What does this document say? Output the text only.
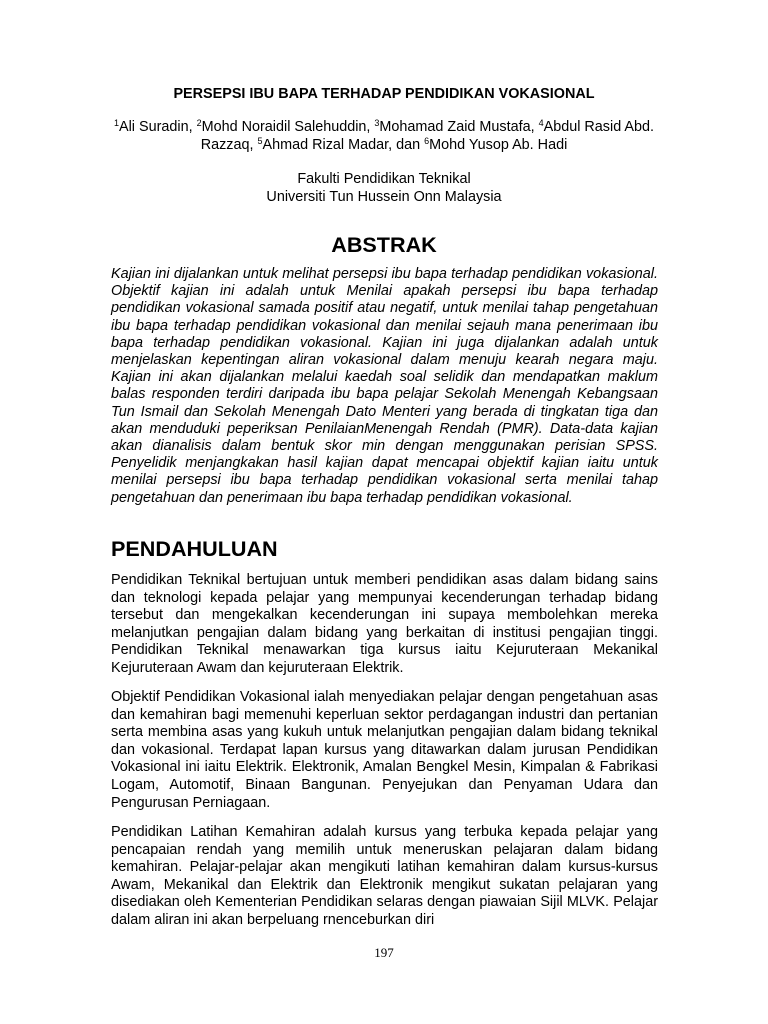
PERSEPSI IBU BAPA TERHADAP PENDIDIKAN VOKASIONAL

$^1$Ali Suradin, $^2$Mohd Noraidil Salehuddin, $^3$Mohamad Zaid Mustafa, $^4$Abdul Rasid Abd. Razzaq, $^5$Ahmad Rizal Madar, dan $^6$Mohd Yusop Ab. Hadi

Fakulti Pendidikan Teknikal
Universiti Tun Hussein Onn Malaysia
ABSTRAK

Kajian ini dijalankan untuk melihat persepsi ibu bapa terhadap pendidikan vokasional. Objektif kajian ini adalah untuk Menilai apakah persepsi ibu bapa terhadap pendidikan vokasional samada positif atau negatif, untuk menilai tahap pengetahuan ibu bapa terhadap pendidikan vokasional dan menilai sejauh mana penerimaan ibu bapa terhadap pendidikan vokasional. Kajian ini juga dijalankan adalah untuk menjelaskan kepentingan aliran vokasional dalam menuju kearah negara maju. Kajian ini akan dijalankan melalui kaedah soal selidik dan mendapatkan maklum balas responden terdiri daripada ibu bapa pelajar Sekolah Menengah Kebangsaan Tun Ismail dan Sekolah Menengah Dato Menteri yang berada di tingkatan tiga dan akan menduduki peperiksan PenilaianMenengah Rendah (PMR). Data-data kajian akan dianalisis dalam bentuk skor min dengan menggunakan perisian SPSS. Penyelidik menjangkakan hasil kajian dapat mencapai objektif kajian iaitu untuk menilai persepsi ibu bapa terhadap pendidikan vokasional serta menilai tahap pengetahuan dan penerimaan ibu bapa terhadap pendidikan vokasional.

PENDAHULUAN

Pendidikan Teknikal bertujuan untuk memberi pendidikan asas dalam bidang sains dan teknologi kepada pelajar yang mempunyai kecenderungan terhadap bidang tersebut dan mengekalkan kecenderungan ini supaya membolehkan mereka melanjutkan pengajian dalam bidang yang berkaitan di institusi pengajian tinggi. Pendidikan Teknikal menawarkan tiga kursus iaitu Kejuruteraan Mekanikal Kejuruteraan Awam dan kejuruteraan Elektrik.

Objektif Pendidikan Vokasional ialah menyediakan pelajar dengan pengetahuan asas dan kemahiran bagi memenuhi keperluan sektor perdagangan industri dan pertanian serta membina asas yang kukuh untuk melanjutkan pengajian dalam bidang teknikal dan vokasional. Terdapat lapan kursus yang ditawarkan dalam jurusan Pendidikan Vokasional ini iaitu Elektrik. Elektronik, Amalan Bengkel Mesin, Kimpalan & Fabrikasi Logam, Automotif, Binaan Bangunan. Penyejukan dan Penyaman Udara dan Pengurusan Perniagaan.

Pendidikan Latihan Kemahiran adalah kursus yang terbuka kepada pelajar yang pencapaian rendah yang memilih untuk meneruskan pelajaran dalam bidang kemahiran. Pelajar-pelajar akan mengikuti latihan kemahiran dalam kursus-kursus Awam, Mekanikal dan Elektrik dan Elektronik mengikut sukatan pelajaran yang disediakan oleh Kementerian Pendidikan selaras dengan piawaian Sijil MLVK. Pelajar dalam aliran ini akan berpeluang rnenceburkan diri

197
